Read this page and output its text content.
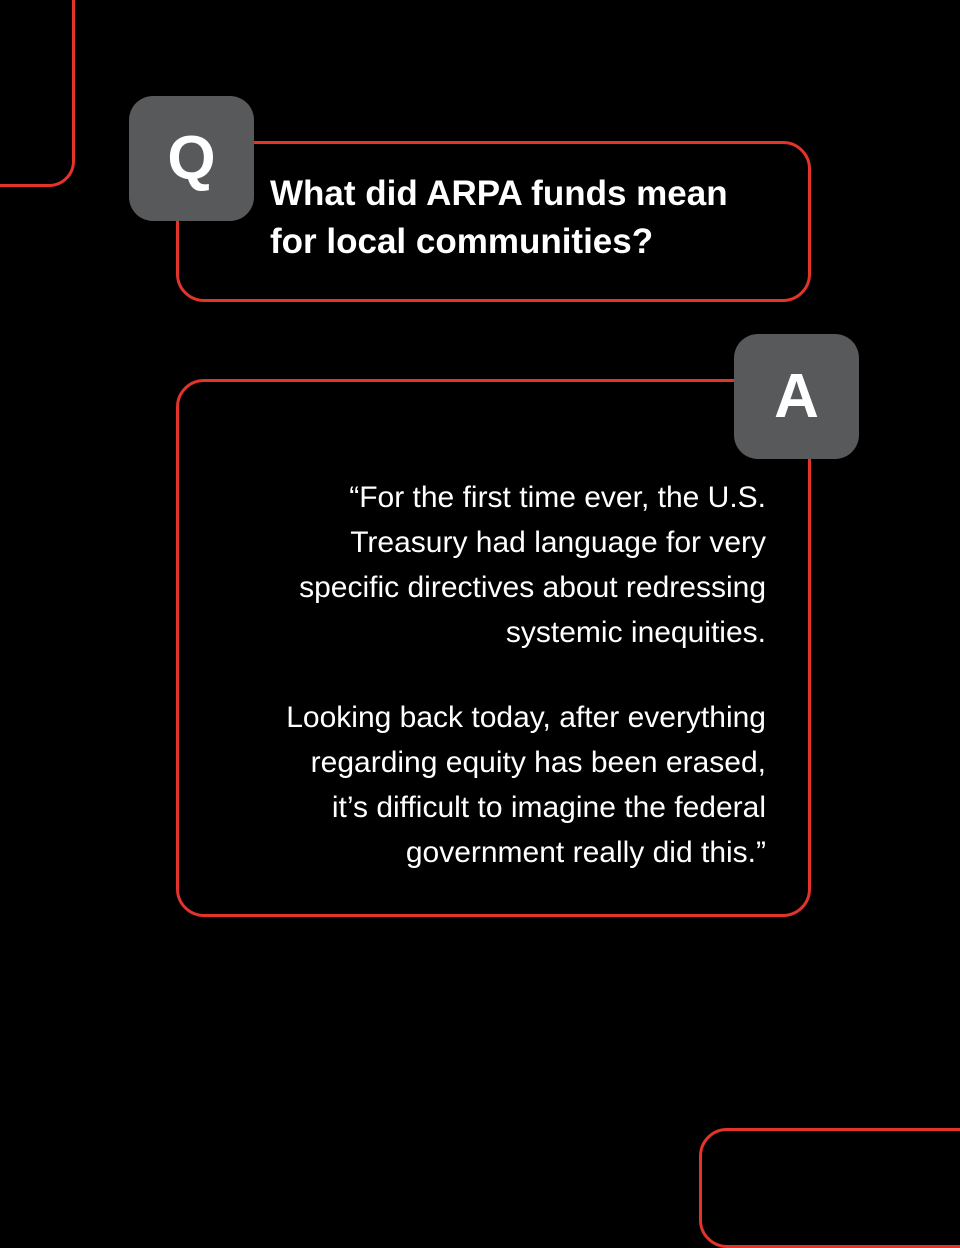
What did ARPA funds mean
for local communities?

Q

“For the first time ever, the U.S.
Treasury had language for very
specific directives about redressing
systemic inequities.

Looking back today, after everything
regarding equity has been erased,
it’s difficult to imagine the federal
government really did this.”

A
